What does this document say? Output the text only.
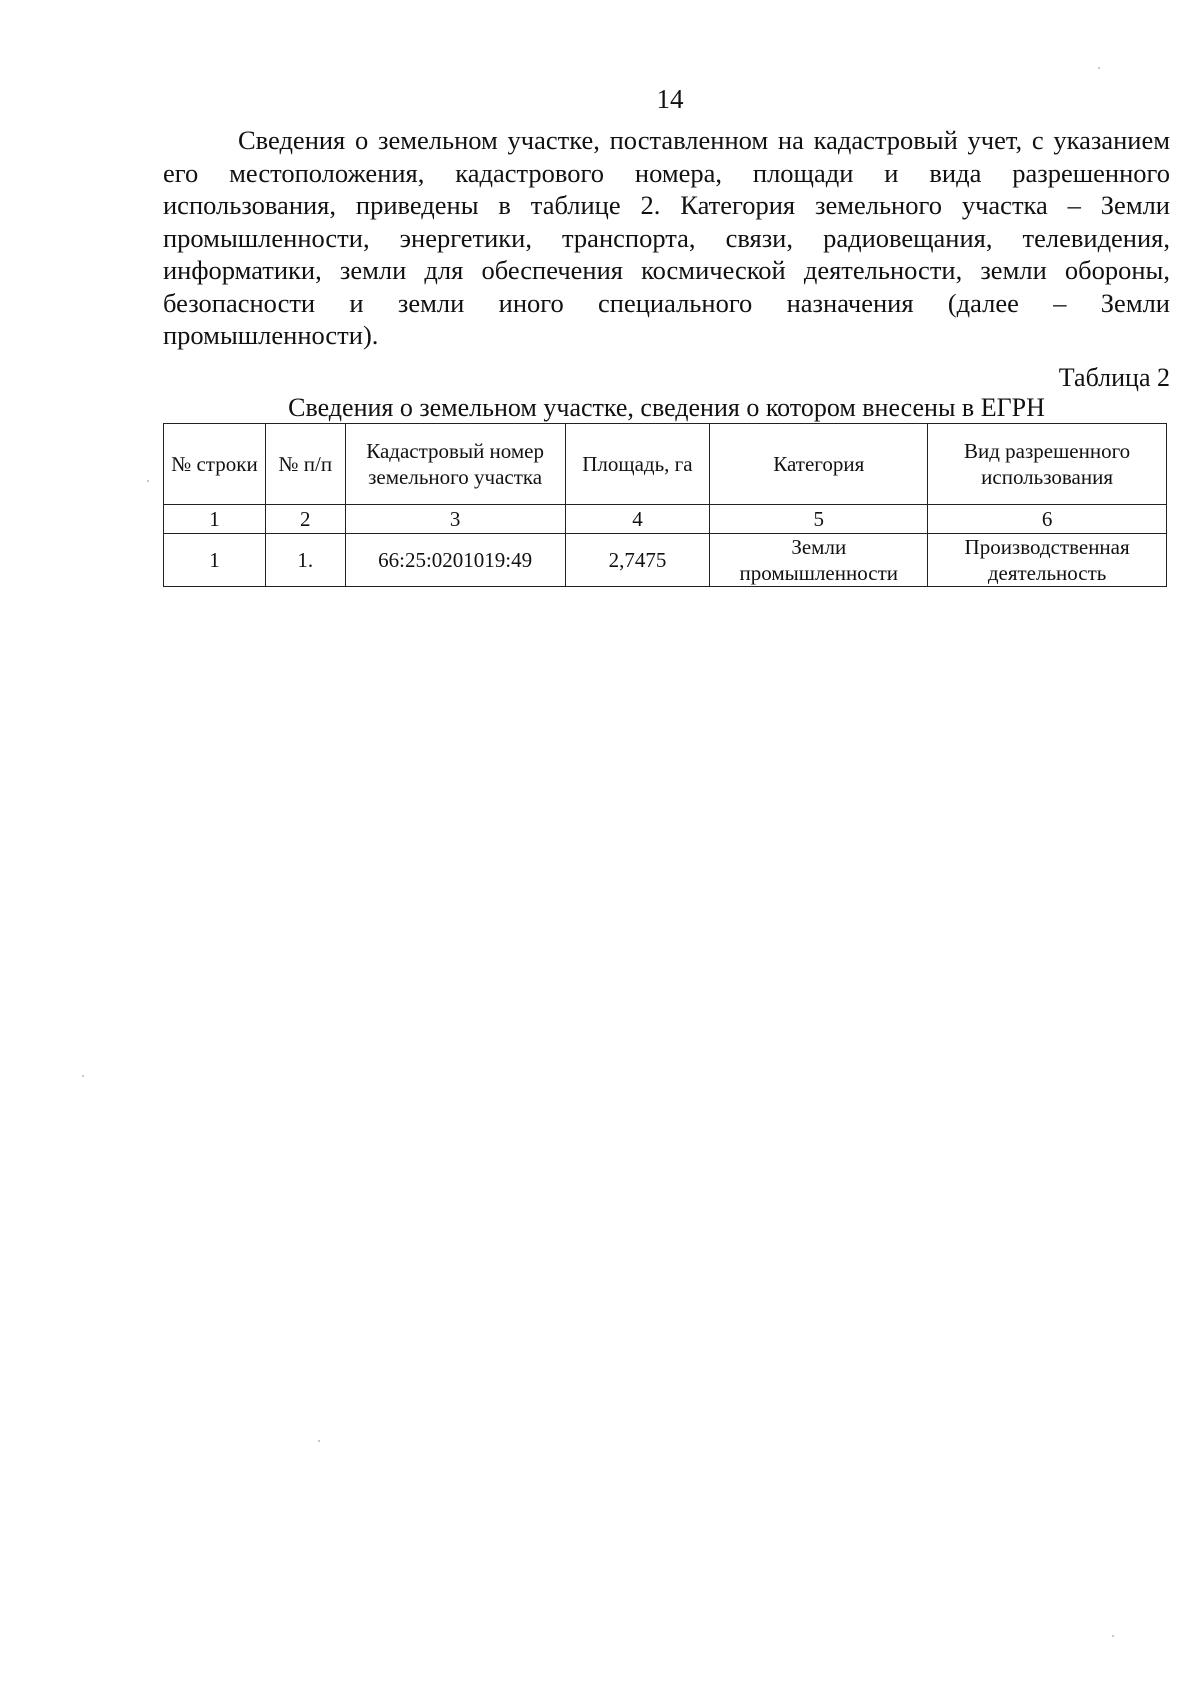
14

Сведения о земельном участке, поставленном на кадастровый учет, с указанием его местоположения, кадастрового номера, площади и вида разрешенного использования, приведены в таблице 2. Категория земельного участка – Земли промышленности, энергетики, транспорта, связи, радиовещания, телевидения, информатики, земли для обеспечения космической деятельности, земли обороны, безопасности и земли иного специального назначения (далее – Земли промышленности).

Таблица 2
Сведения о земельном участке, сведения о котором внесены в ЕГРН
№ строки	№ п/п	Кадастровый номер земельного участка	Площадь, га	Категория	Вид разрешенного использования
1	2	3	4	5	6
1	1.	66:25:0201019:49	2,7475	Земли промышленности	Производственная деятельность
